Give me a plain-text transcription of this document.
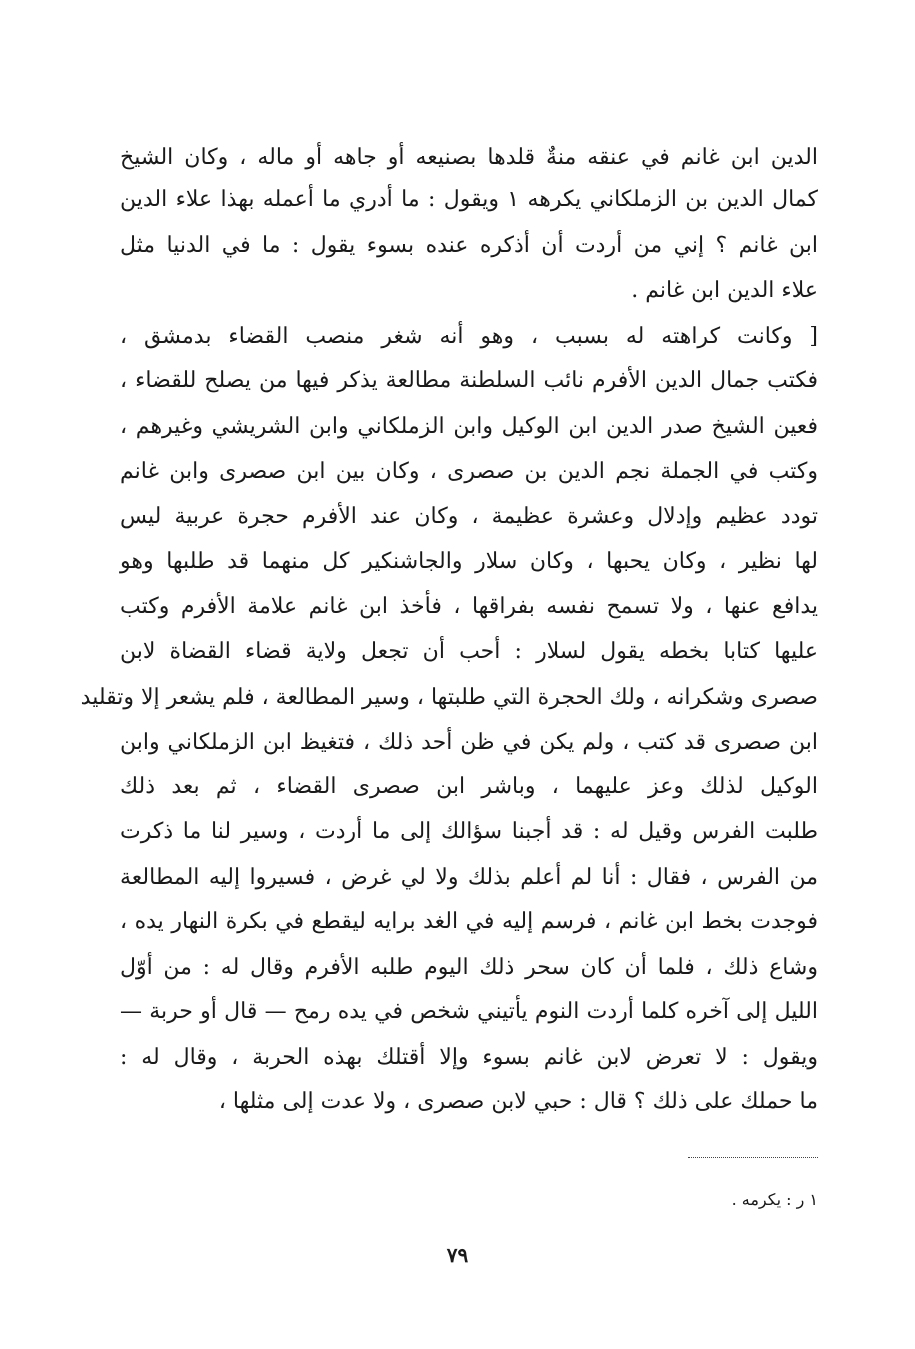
الدين ابن غانم في عنقه منةٌ قلدها بصنيعه أو جاهه أو ماله ، وكان الشيخ
كمال الدين بن الزملكاني يكرهه ١ ويقول : ما أدري ما أعمله بهذا علاء الدين
ابن غانم ؟ إني من أردت أن أذكره عنده بسوء يقول : ما في الدنيا مثل
علاء الدين ابن غانم .
[ وكانت كراهته له بسبب ، وهو أنه شغر منصب القضاء بدمشق ،
فكتب جمال الدين الأفرم نائب السلطنة مطالعة يذكر فيها من يصلح للقضاء ،
فعين الشيخ صدر الدين ابن الوكيل وابن الزملكاني وابن الشريشي وغيرهم ،
وكتب في الجملة نجم الدين بن صصرى ، وكان بين ابن صصرى وابن غانم
تودد عظيم وإدلال وعشرة عظيمة ، وكان عند الأفرم حجرة عربية ليس
لها نظير ، وكان يحبها ، وكان سلار والجاشنكير كل منهما قد طلبها وهو
يدافع عنها ، ولا تسمح نفسه بفراقها ، فأخذ ابن غانم علامة الأفرم وكتب
عليها كتابا بخطه يقول لسلار : أحب أن تجعل ولاية قضاء القضاة لابن
صصرى وشكرانه ، ولك الحجرة التي طلبتها ، وسير المطالعة ، فلم يشعر إلا وتقليد
ابن صصرى قد كتب ، ولم يكن في ظن أحد ذلك ، فتغيظ ابن الزملكاني وابن
الوكيل لذلك وعز عليهما ، وباشر ابن صصرى القضاء ، ثم بعد ذلك
طلبت الفرس وقيل له : قد أجبنا سؤالك إلى ما أردت ، وسير لنا ما ذكرت
من الفرس ، فقال : أنا لم أعلم بذلك ولا لي غرض ، فسيروا إليه المطالعة
فوجدت بخط ابن غانم ، فرسم إليه في الغد برايه ليقطع في بكرة النهار يده ،
وشاع ذلك ، فلما أن كان سحر ذلك اليوم طلبه الأفرم وقال له : من أوّل
الليل إلى آخره كلما أردت النوم يأتيني شخص في يده رمح — قال أو حربة —
ويقول : لا تعرض لابن غانم بسوء وإلا أقتلك بهذه الحربة ، وقال له :
ما حملك على ذلك ؟ قال : حبي لابن صصرى ، ولا عدت إلى مثلها ،
١ ر : يكرمه .
٧٩
